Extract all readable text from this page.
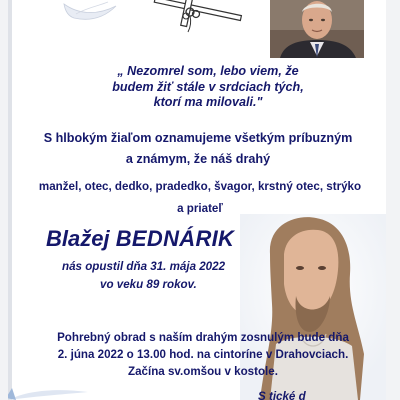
„ Nezomrel som, lebo viem, že
budem žiť stále v srdciach tých,
ktorí ma milovali."
S hlbokým žiaľom oznamujeme všetkým príbuzným
a známym, že náš drahý
manžel, otec, dedko, pradedko, švagor, krstný otec, strýko
a priateľ
Blažej BEDNÁRIK
nás opustil dňa 31. mája 2022
vo veku 89 rokov.
Pohrebný obrad s naším drahým zosnulým bude dňa
2. júna 2022 o 13.00 hod. na cintoríne v Drahovciach.
Začína sv.omšou v kostole.
S tické d
